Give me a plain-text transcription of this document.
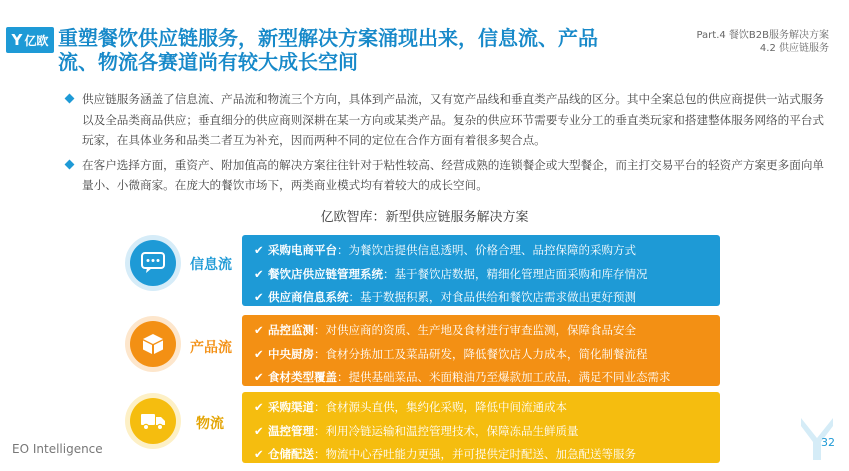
Y 亿欧 重塑餐饮供应链服务，新型解决方案涌现出来，信息流、产品
流、物流各赛道尚有较大成长空间
Part.4 餐饮B2B服务解决方案
4.2 供应链服务
供应链服务涵盖了信息流、产品流和物流三个方向，具体到产品流，又有宽产品线和垂直类产品线的区分。其中全案总包的供应商提供一站式服务以及全品类商品供应；垂直细分的供应商则深耕在某一方向或某类产品。复杂的供应环节需要专业分工的垂直类玩家和搭建整体服务网络的平台式玩家，在具体业务和品类二者互为补充，因而两种不同的定位在合作方面有着很多契合点。
在客户选择方面，重资产、附加值高的解决方案往往针对于粘性较高、经营成熟的连锁餐企或大型餐企，而主打交易平台的轻资产方案更多面向单量小、小微商家。在庞大的餐饮市场下，两类商业模式均有着较大的成长空间。
亿欧智库：新型供应链服务解决方案
信息流
✔ 采购电商平台：为餐饮店提供信息透明、价格合理、品控保障的采购方式
✔ 餐饮店供应链管理系统：基于餐饮店数据，精细化管理店面采购和库存情况
✔ 供应商信息系统：基于数据积累，对食品供给和餐饮店需求做出更好预测
产品流
✔ 品控监测：对供应商的资质、生产地及食材进行审查监测，保障食品安全
✔ 中央厨房：食材分拣加工及菜品研发，降低餐饮店人力成本，简化制餐流程
✔ 食材类型覆盖：提供基础菜品、米面粮油乃至爆款加工成品，满足不同业态需求
物流
✔ 采购渠道：食材源头直供，集约化采购，降低中间流通成本
✔ 温控管理：利用冷链运输和温控管理技术，保障冻品生鲜质量
✔ 仓储配送：物流中心吞吐能力更强，并可提供定时配送、加急配送等服务
EO Intelligence	32
